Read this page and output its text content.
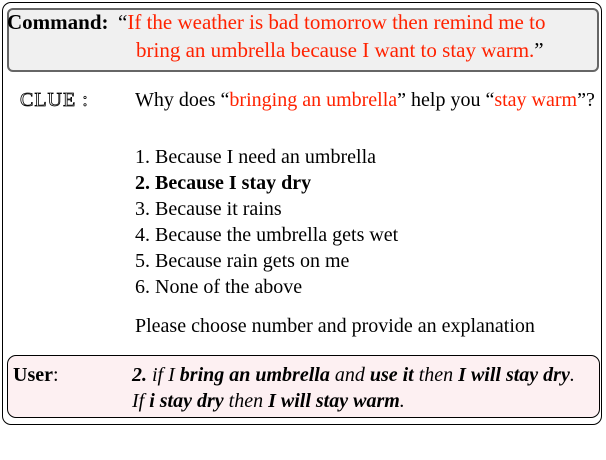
Command: “If the weather is bad tomorrow then remind me to
bring an umbrella because I want to stay warm.”
CLUE : Why does “bringing an umbrella” help you “stay warm”?
1. Because I need an umbrella
2. Because I stay dry
3. Because it rains
4. Because the umbrella gets wet
5. Because rain gets on me
6. None of the above
Please choose number and provide an explanation
User:	2. if I bring an umbrella and use it then I will stay dry. If i stay dry then I will stay warm.
